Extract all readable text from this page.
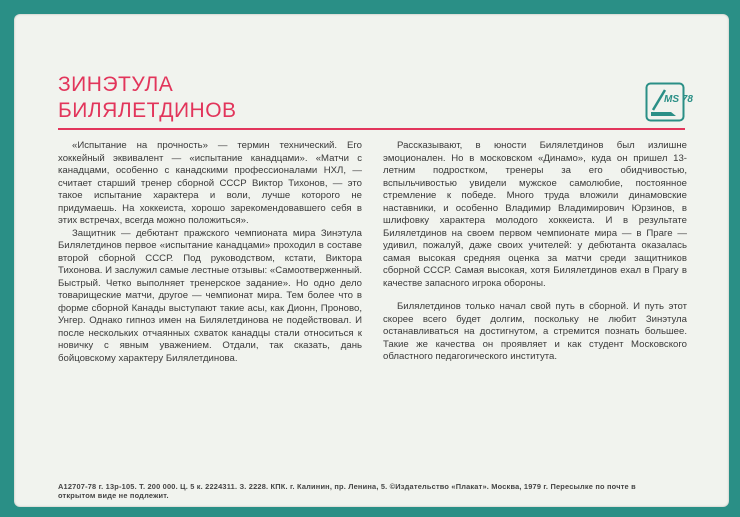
ЗИНЭТУЛА
БИЛЯЛЕТДИНОВ	MS 78

«Испытание на прочность» — термин технический. Его хоккейный эквивалент — «испытание канадцами». «Матчи с канадцами, особенно с канадскими профессионалами НХЛ, — считает старший тренер сборной СССР Виктор Тихонов, — это такое испытание характера и воли, лучше которого не придумаешь. На хоккеиста, хорошо зарекомендовавшего себя в этих встречах, всегда можно положиться».

Защитник — дебютант пражского чемпионата мира Зинэтула Билялетдинов первое «испытание канадцами» проходил в составе второй сборной СССР. Под руководством, кстати, Виктора Тихонова. И заслужил самые лестные отзывы: «Самоотверженный. Быстрый. Четко выполняет тренерское задание». Но одно дело товарищеские матчи, другое — чемпионат мира. Тем более что в форме сборной Канады выступают такие асы, как Дионн, Проново, Унгер. Однако гипноз имен на Билялетдинова не подействовал. И после нескольких отчаянных схваток канадцы стали относиться к новичку с явным уважением. Отдали, так сказать, дань бойцовскому характеру Билялетдинова.

Рассказывают, в юности Билялетдинов был излишне эмоционален. Но в московском «Динамо», куда он пришел 13-летним подростком, тренеры за его обидчивостью, вспыльчивостью увидели мужское самолюбие, постоянное стремление к победе. Много труда вложили динамовские наставники, и особенно Владимир Владимирович Юрзинов, в шлифовку характера молодого хоккеиста. И в результате Билялетдинов на своем первом чемпионате мира — в Праге — удивил, пожалуй, даже своих учителей: у дебютанта оказалась самая высокая средняя оценка за матчи среди защитников сборной СССР. Самая высокая, хотя Билялетдинов ехал в Прагу в качестве запасного игрока обороны.

Билялетдинов только начал свой путь в сборной. И путь этот скорее всего будет долгим, поскольку не любит Зинэтула останавливаться на достигнутом, а стремится познать большее. Такие же качества он проявляет и как студент Московского областного педагогического института.

А12707-78 г. 13р-105. Т. 200 000. Ц. 5 к. 2224311. З. 2228. КПК. г. Калинин, пр. Ленина, 5. ©Издательство «Плакат». Москва, 1979 г. Пересылке по почте в
открытом виде не подлежит.
